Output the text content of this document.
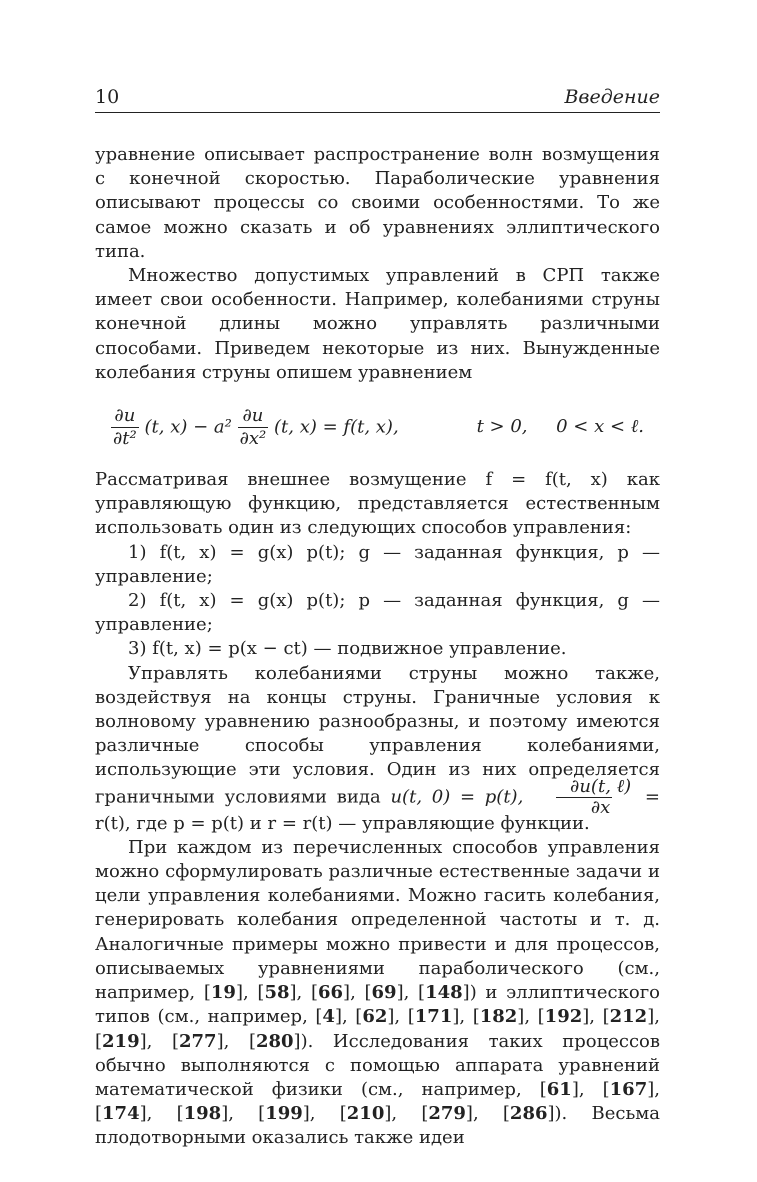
10	Введение

уравнение описывает распространение волн возмущения с конечной скоростью. Параболические уравнения описывают процессы со своими особенностями. То же самое можно сказать и об уравнениях эллиптического типа.

Множество допустимых управлений в СРП также имеет свои особенности. Например, колебаниями струны конечной длины можно управлять различными способами. Приведем некоторые из них. Вынужденные колебания струны опишем уравнением

$\frac{\partial u}{\text{∂t²}} (t$, $x) - a^2 \frac{\partial u}{\text{∂x²}} (t$, x) = f(t, x),	t > 0, 0 < x < ℓ.

Рассматривая внешнее возмущение f = f(t, x) как управляющую функцию, представляется естественным использовать один из следующих способов управления:

1) f(t, x) = g(x) p(t); g — заданная функция, p — управление;

2) f(t, x) = g(x) p(t); p — заданная функция, g — управление;

3) f(t, x) = p(x − ct) — подвижное управление.

Управлять колебаниями струны можно также, воздействуя на концы струны. Граничные условия к волновому уравнению разнообразны, и поэтому имеются различные способы управления колебаниями, использующие эти условия. Один из них определяется граничными условиями вида u(t, 0) = p(t),	∂u(t, ℓ)
∂x = r(t), где p = p(t) и r = r(t) — управляющие функции.

При каждом из перечисленных способов управления можно сформулировать различные естественные задачи и цели управления колебаниями. Можно гасить колебания, генерировать колебания определенной частоты и т. д. Аналогичные примеры можно привести и для процессов, описываемых уравнениями параболического (см., например, [19], [58], [66], [69], [148]) и эллиптического типов (см., например, [4], [62], [171], [182], [192], [212], [219], [277], [280]). Исследования таких процессов обычно выполняются с помощью аппарата уравнений математической физики (см., например, [61], [167], [174], [198], [199], [210], [279], [286]). Весьма плодотворными оказались также идеи
